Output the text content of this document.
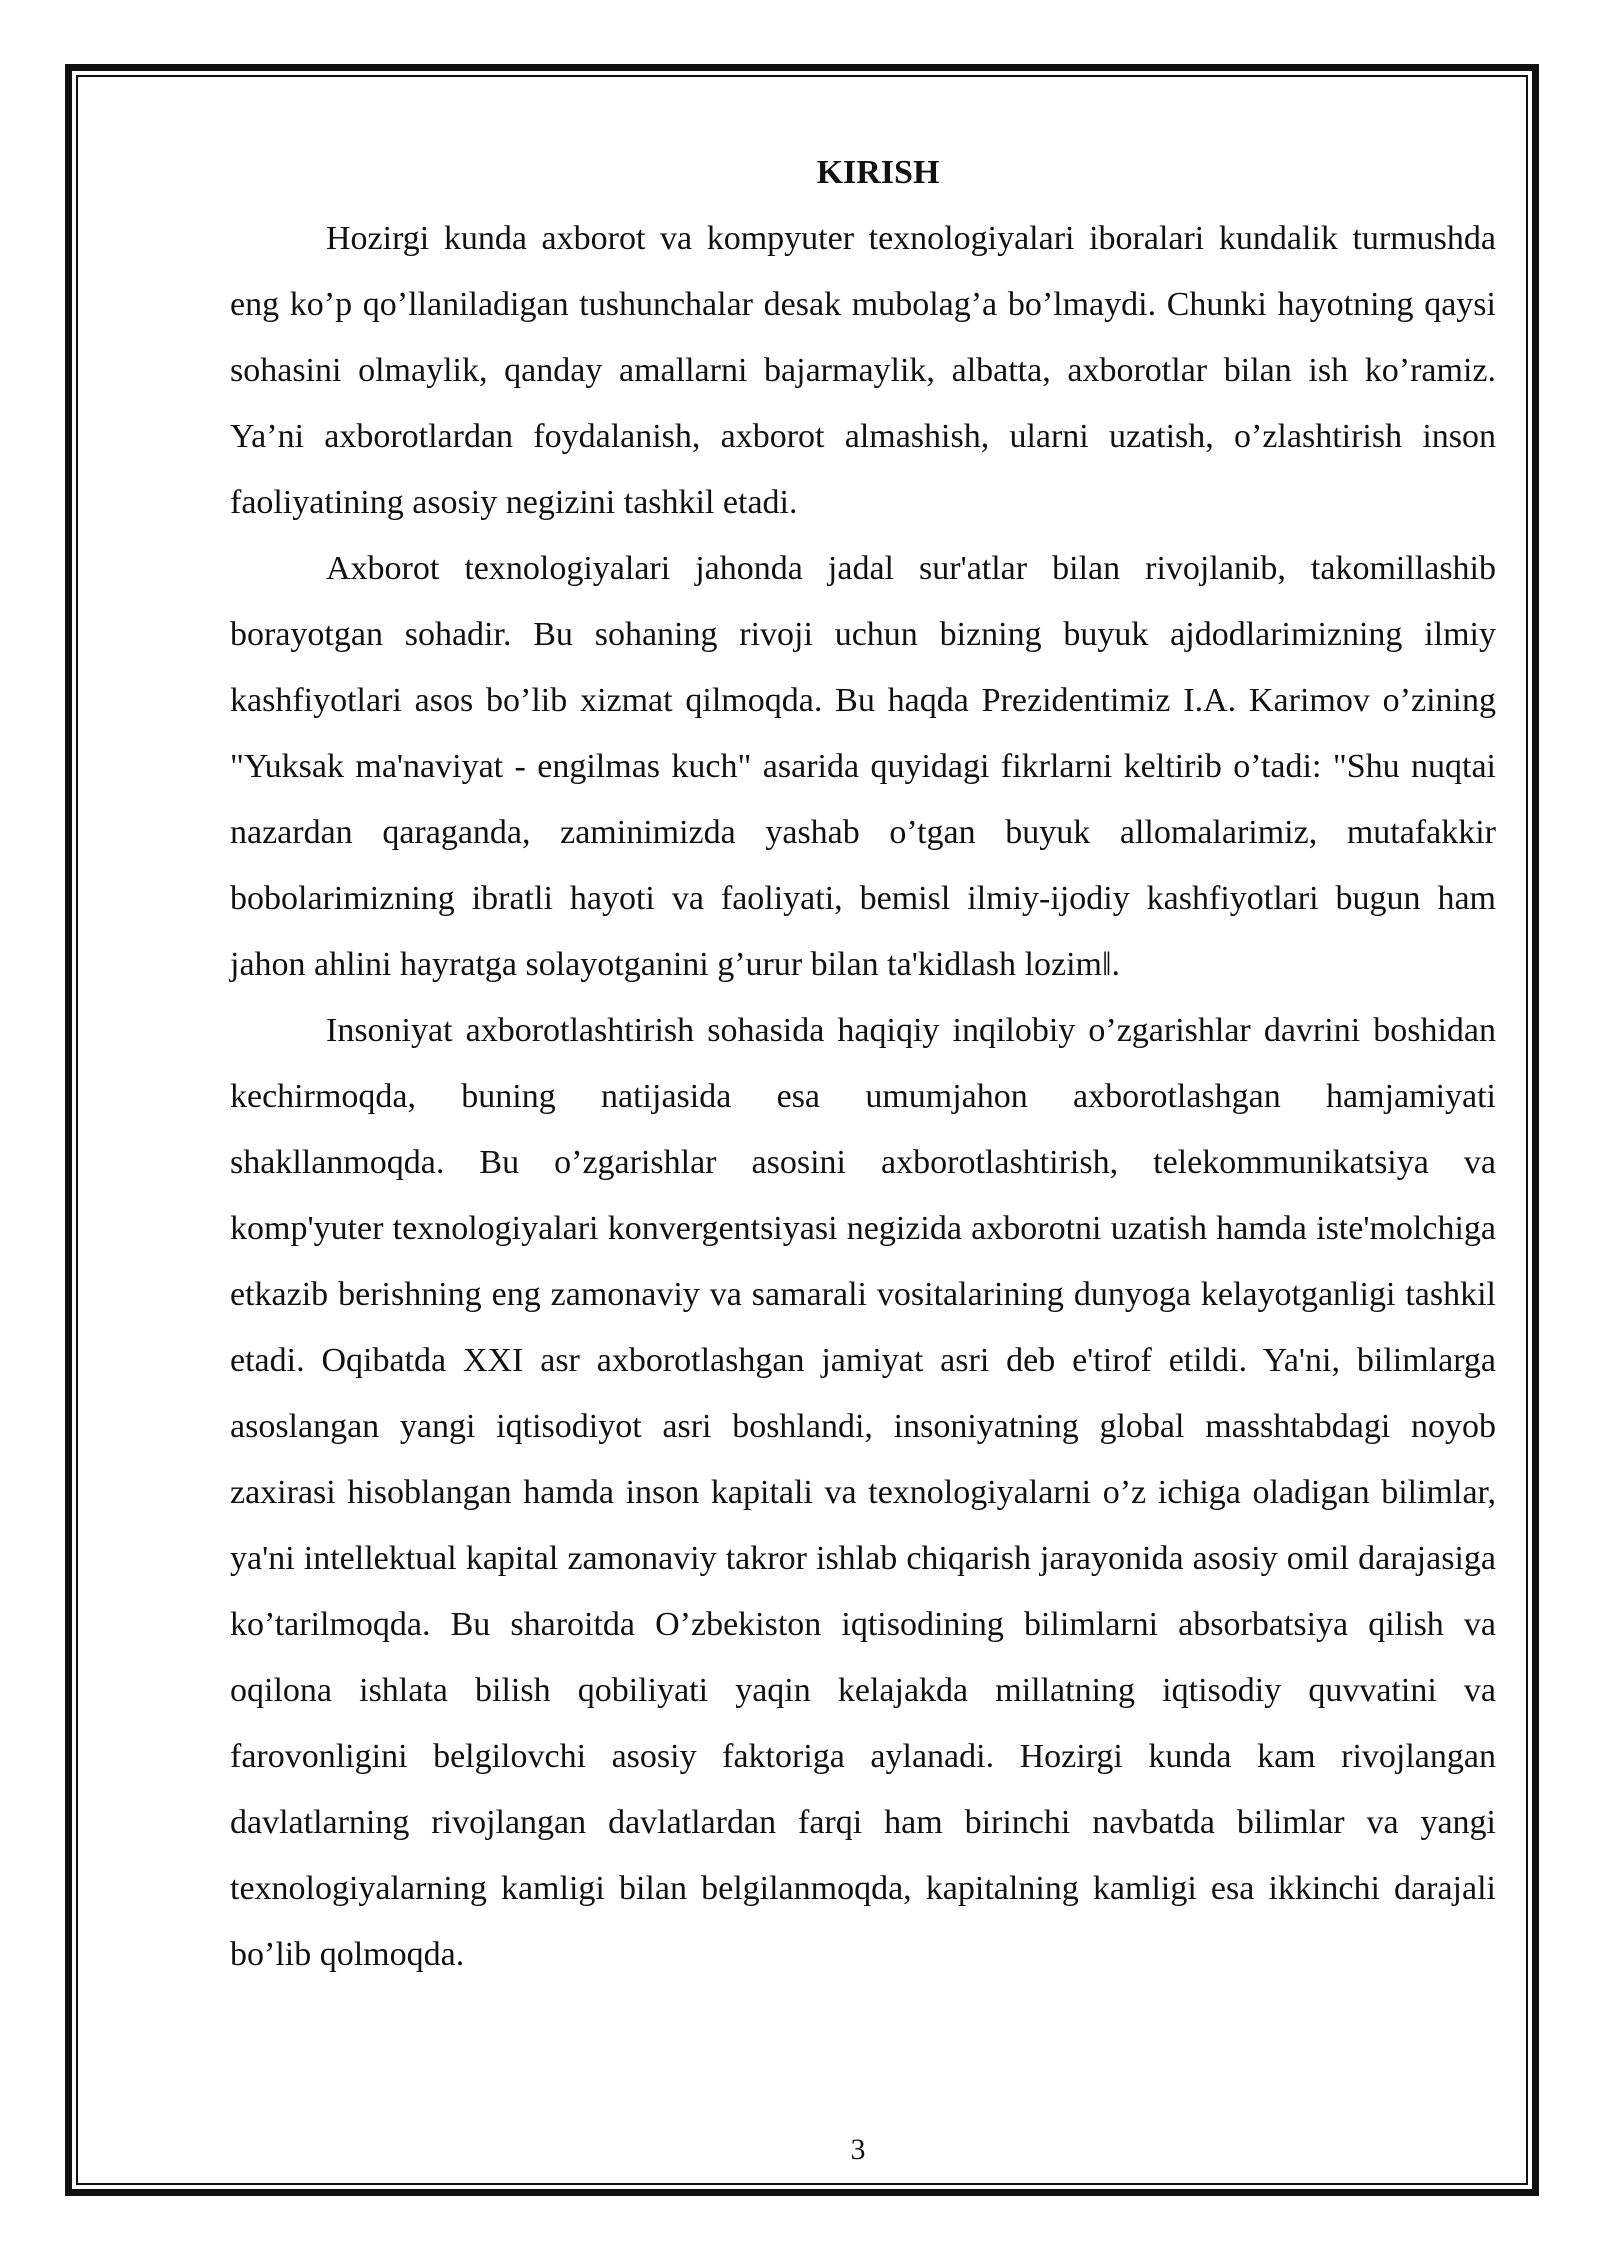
KIRISH

Hozirgi kunda axborot va kompyuter texnologiyalari iboralari kundalik turmushda eng ko’p qo’llaniladigan tushunchalar desak mubolag’a bo’lmaydi. Chunki hayotning qaysi sohasini olmaylik, qanday amallarni bajarmaylik, albatta, axborotlar bilan ish ko’ramiz. Ya’ni axborotlardan foydalanish, axborot almashish, ularni uzatish, o’zlashtirish inson faoliyatining asosiy negizini tashkil etadi.

Axborot texnologiyalari jahonda jadal sur'atlar bilan rivojlanib, takomillashib borayotgan sohadir. Bu sohaning rivoji uchun bizning buyuk ajdodlarimizning ilmiy kashfiyotlari asos bo’lib xizmat qilmoqda. Bu haqda Prezidentimiz I.A. Karimov o’zining "Yuksak ma'naviyat - engilmas kuch" asarida quyidagi fikrlarni keltirib o’tadi: "Shu nuqtai nazardan qaraganda, zaminimizda yashab o’tgan buyuk allomalarimiz, mutafakkir bobolarimizning ibratli hayoti va faoliyati, bemisl ilmiy-ijodiy kashfiyotlari bugun ham jahon ahlini hayratga solayotganini g’urur bilan ta'kidlash lozim‖.

Insoniyat axborotlashtirish sohasida haqiqiy inqilobiy o’zgarishlar davrini boshidan kechirmoqda, buning natijasida esa umumjahon axborotlashgan hamjamiyati shakllanmoqda. Bu o’zgarishlar asosini axborotlashtirish, telekommunikatsiya va komp'yuter texnologiyalari konvergentsiyasi negizida axborotni uzatish hamda iste'molchiga etkazib berishning eng zamonaviy va samarali vositalarining dunyoga kelayotganligi tashkil etadi. Oqibatda XXI asr axborotlashgan jamiyat asri deb e'tirof etildi. Ya'ni, bilimlarga asoslangan yangi iqtisodiyot asri boshlandi, insoniyatning global masshtabdagi noyob zaxirasi hisoblangan hamda inson kapitali va texnologiyalarni o’z ichiga oladigan bilimlar, ya'ni intellektual kapital zamonaviy takror ishlab chiqarish jarayonida asosiy omil darajasiga ko’tarilmoqda. Bu sharoitda O’zbekiston iqtisodining bilimlarni absorbatsiya qilish va oqilona ishlata bilish qobiliyati yaqin kelajakda millatning iqtisodiy quvvatini va farovonligini belgilovchi asosiy faktoriga aylanadi. Hozirgi kunda kam rivojlangan davlatlarning rivojlangan davlatlardan farqi ham birinchi navbatda bilimlar va yangi texnologiyalarning kamligi bilan belgilanmoqda, kapitalning kamligi esa ikkinchi darajali bo’lib qolmoqda.

3
